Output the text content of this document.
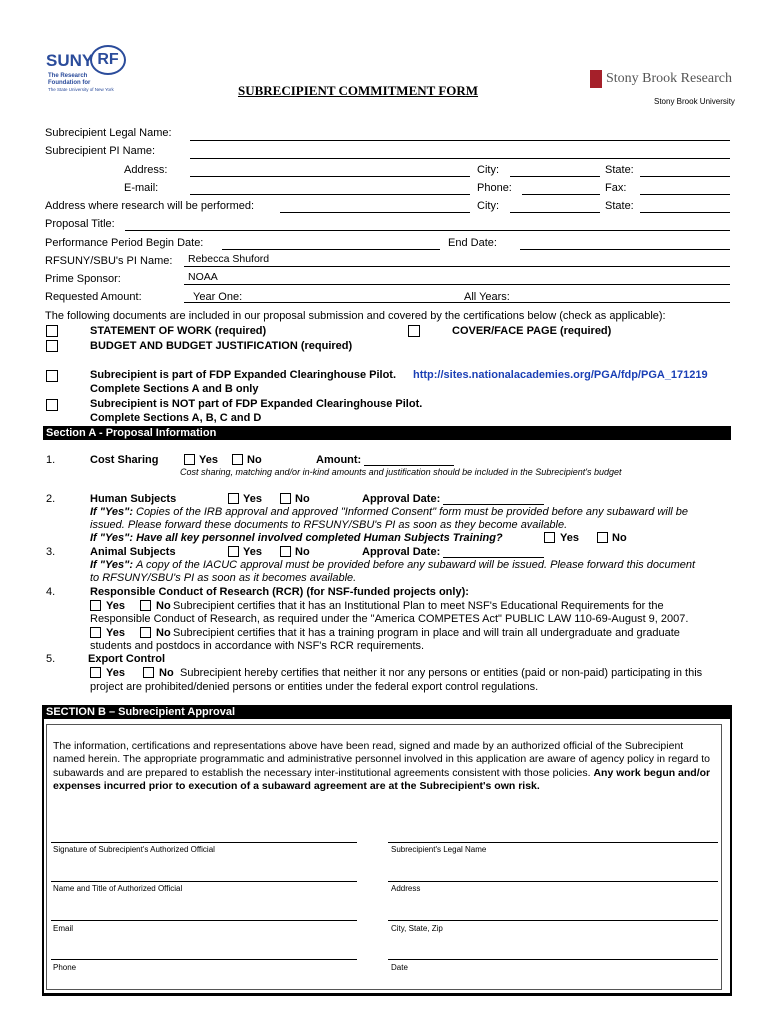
SUNY RF
The Research
Foundation for
The State University of New York
Stony Brook Research
Stony Brook University
SUBRECIPIENT COMMITMENT FORM
Subrecipient Legal Name:
Subrecipient PI Name:
Address:	City:	State:
E-mail:	Phone:	Fax:
Address where research will be performed:	City:	State:
Proposal Title:
Performance Period Begin Date:	End Date:
RFSUNY/SBU's PI Name: Rebecca Shuford
Prime Sponsor:	NOAA
Requested Amount:	Year One:	All Years:
The following documents are included in our proposal submission and covered by the certifications below (check as applicable):
STATEMENT OF WORK (required)	COVER/FACE PAGE (required)
BUDGET AND BUDGET JUSTIFICATION (required)
Subrecipient is part of FDP Expanded Clearinghouse Pilot. http://sites.nationalacademies.org/PGA/fdp/PGA_171219
Complete Sections A and B only
Subrecipient is NOT part of FDP Expanded Clearinghouse Pilot.
Complete Sections A, B, C and D
Section A - Proposal Information
1.	Cost Sharing	Yes	No	Amount:
Cost sharing, matching and/or in-kind amounts and justification should be included in the Subrecipient's budget
2.	Human Subjects	Yes	No	Approval Date:
If "Yes": Copies of the IRB approval and approved "Informed Consent" form must be provided before any subaward will be
issued. Please forward these documents to RFSUNY/SBU's PI as soon as they become available.
If "Yes": Have all key personnel involved completed Human Subjects Training?	Yes	No
3.	Animal Subjects	Yes	No	Approval Date:
If "Yes": A copy of the IACUC approval must be provided before any subaward will be issued. Please forward this document
to RFSUNY/SBU's PI as soon as it becomes available.
4.	Responsible Conduct of Research (RCR) (for NSF-funded projects only):
Yes	No Subrecipient certifies that it has an Institutional Plan to meet NSF's Educational Requirements for the
Responsible Conduct of Research, as required under the "America COMPETES Act" PUBLIC LAW 110-69-August 9, 2007.
Yes	No Subrecipient certifies that it has a training program in place and will train all undergraduate and graduate
students and postdocs in accordance with NSF's RCR requirements.
5.	Export Control
Yes	No Subrecipient hereby certifies that neither it nor any persons or entities (paid or non-paid) participating in this
project are prohibited/denied persons or entities under the federal export control regulations.
SECTION B – Subrecipient Approval
The information, certifications and representations above have been read, signed and made by an authorized official of the Subrecipient named herein. The appropriate programmatic and administrative personnel involved in this application are aware of agency policy in regard to subawards and are prepared to establish the necessary inter-institutional agreements consistent with those policies. Any work begun and/or expenses incurred prior to execution of a subaward agreement are at the Subrecipient's own risk.
Signature of Subrecipient's Authorized Official	Subrecipient's Legal Name
Name and Title of Authorized Official	Address
Email	City, State, Zip
Phone	Date
